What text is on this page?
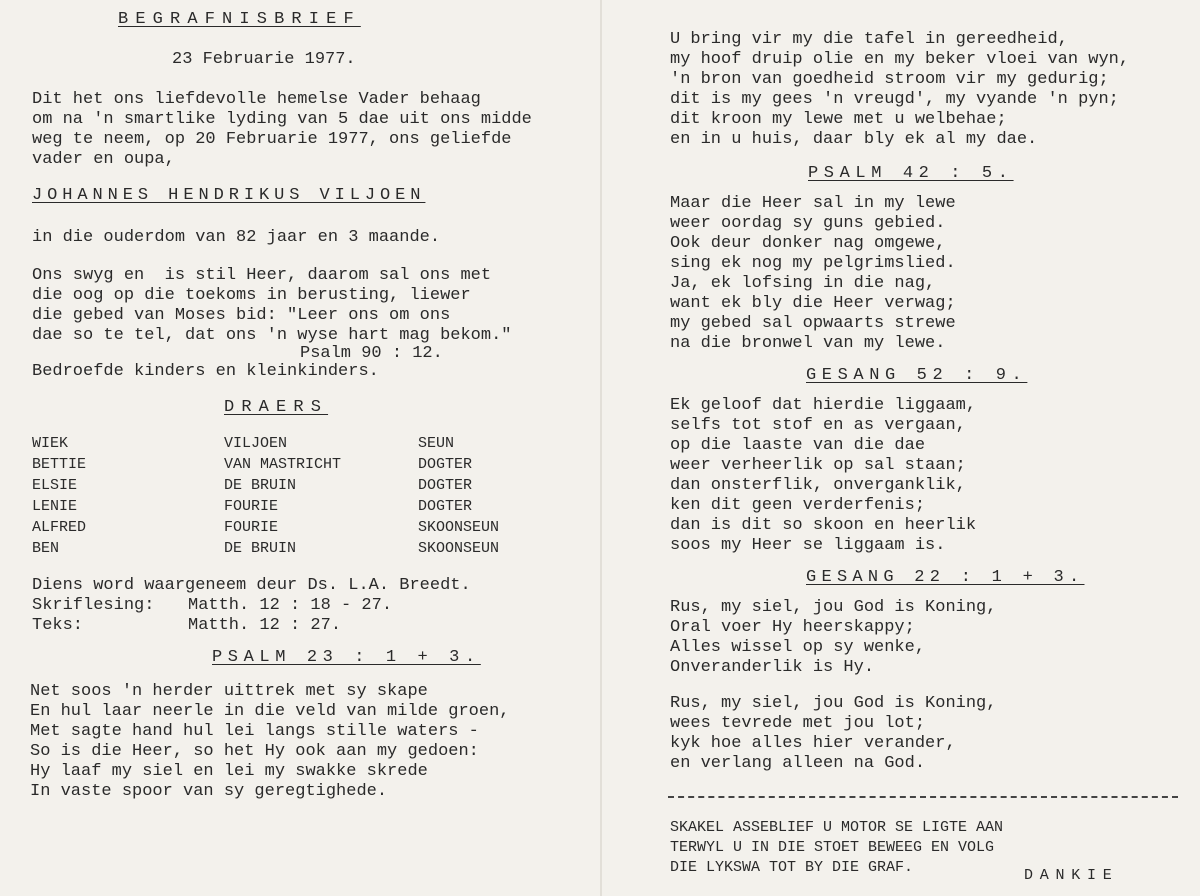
BEGRAFNISBRIEF
23 Februarie 1977.
Dit het ons liefdevolle hemelse Vader behaag
om na 'n smartlike lyding van 5 dae uit ons midde
weg te neem, op 20 Februarie 1977, ons geliefde
vader en oupa,
JOHANNES HENDRIKUS VILJOEN
in die ouderdom van 82 jaar en 3 maande.
Ons swyg en  is stil Heer, daarom sal ons met
die oog op die toekoms in berusting, liewer
die gebed van Moses bid: "Leer ons om ons
dae so te tel, dat ons 'n wyse hart mag bekom."
Psalm 90 : 12.
Bedroefde kinders en kleinkinders.
DRAERS
WIEK	VILJOEN	SEUN
BETTIE	VAN MASTRICHT	DOGTER
ELSIE	DE BRUIN	DOGTER
LENIE	FOURIE	DOGTER
ALFRED	FOURIE	SKOONSEUN
BEN	DE BRUIN	SKOONSEUN
Diens word waargeneem deur Ds. L.A. Breedt.
Skriflesing: Matth. 12 : 18 - 27.
Teks:	Matth. 12 : 27.
PSALM 23 : 1 + 3.
Net soos 'n herder uittrek met sy skape
En hul laar neerle in die veld van milde groen,
Met sagte hand hul lei langs stille waters -
So is die Heer, so het Hy ook aan my gedoen:
Hy laaf my siel en lei my swakke skrede
In vaste spoor van sy geregtighede.
U bring vir my die tafel in gereedheid,
my hoof druip olie en my beker vloei van wyn,
'n bron van goedheid stroom vir my gedurig;
dit is my gees 'n vreugd', my vyande 'n pyn;
dit kroon my lewe met u welbehae;
en in u huis, daar bly ek al my dae.
PSALM 42 : 5.
Maar die Heer sal in my lewe
weer oordag sy guns gebied.
Ook deur donker nag omgewe,
sing ek nog my pelgrimslied.
Ja, ek lofsing in die nag,
want ek bly die Heer verwag;
my gebed sal opwaarts strewe
na die bronwel van my lewe.
GESANG 52 : 9.
Ek geloof dat hierdie liggaam,
selfs tot stof en as vergaan,
op die laaste van die dae
weer verheerlik op sal staan;
dan onsterflik, onverganklik,
ken dit geen verderfenis;
dan is dit so skoon en heerlik
soos my Heer se liggaam is.
GESANG 22 : 1 + 3.
Rus, my siel, jou God is Koning,
Oral voer Hy heerskappy;
Alles wissel op sy wenke,
Onveranderlik is Hy.
Rus, my siel, jou God is Koning,
wees tevrede met jou lot;
kyk hoe alles hier verander,
en verlang alleen na God.
SKAKEL ASSEBLIEF U MOTOR SE LIGTE AAN
TERWYL U IN DIE STOET BEWEEG EN VOLG
DIE LYKSWA TOT BY DIE GRAF.	DANKIE
